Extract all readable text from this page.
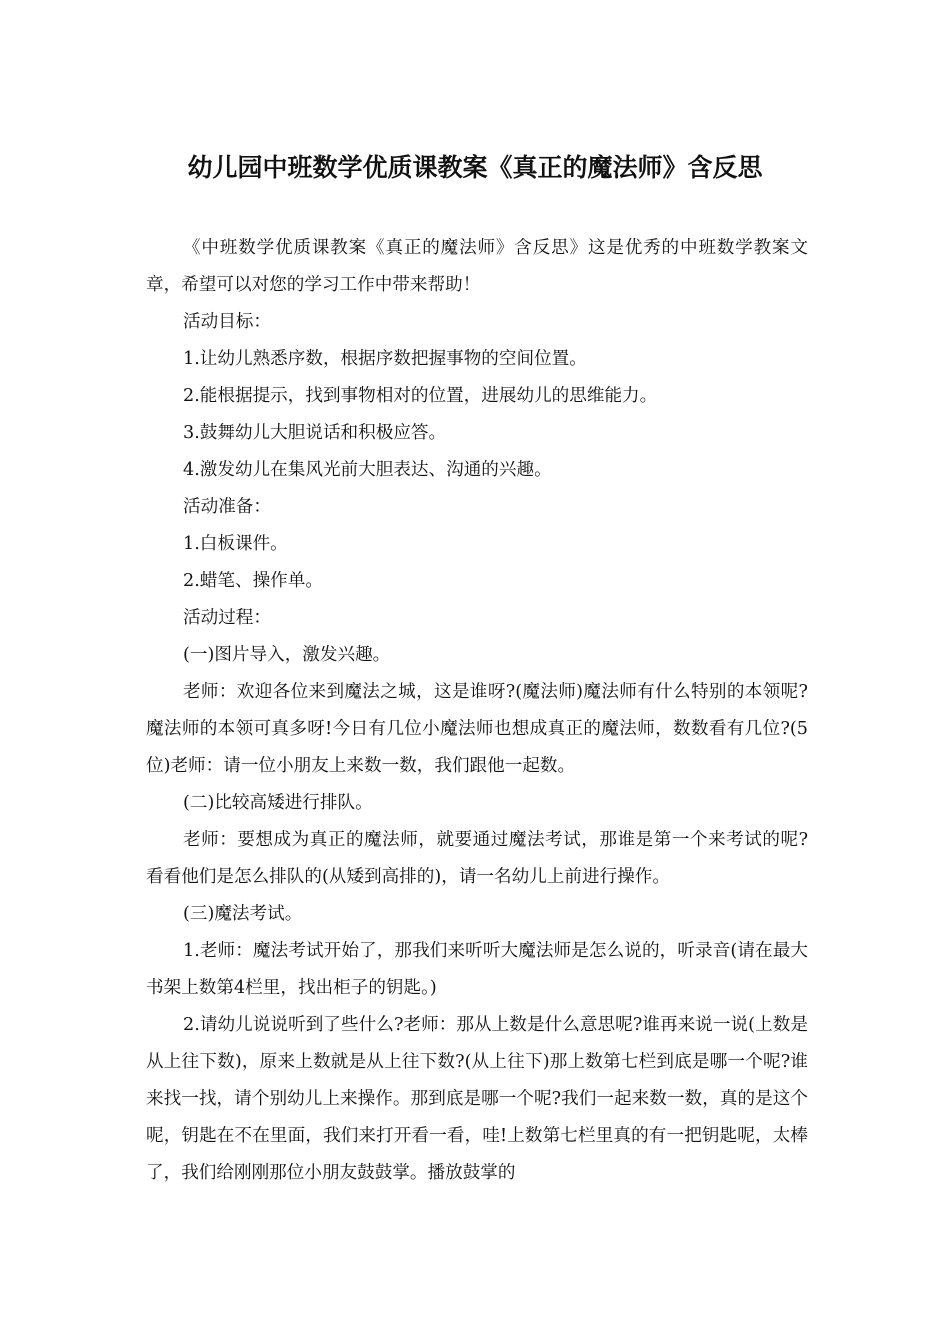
幼儿园中班数学优质课教案《真正的魔法师》含反思

《中班数学优质课教案《真正的魔法师》含反思》这是优秀的中班数学教案文章，希望可以对您的学习工作中带来帮助！

活动目标：

1.让幼儿熟悉序数，根据序数把握事物的空间位置。

2.能根据提示，找到事物相对的位置，进展幼儿的思维能力。

3.鼓舞幼儿大胆说话和积极应答。

4.激发幼儿在集风光前大胆表达、沟通的兴趣。

活动准备：

1.白板课件。

2.蜡笔、操作单。

活动过程：

(一)图片导入，激发兴趣。

老师：欢迎各位来到魔法之城，这是谁呀?(魔法师)魔法师有什么特别的本领呢?魔法师的本领可真多呀!今日有几位小魔法师也想成真正的魔法师，数数看有几位?(5位)老师：请一位小朋友上来数一数，我们跟他一起数。

(二)比较高矮进行排队。

老师：要想成为真正的魔法师，就要通过魔法考试，那谁是第一个来考试的呢?看看他们是怎么排队的(从矮到高排的)，请一名幼儿上前进行操作。

(三)魔法考试。

1.老师：魔法考试开始了，那我们来听听大魔法师是怎么说的，听录音(请在最大书架上数第4栏里，找出柜子的钥匙。)

2.请幼儿说说听到了些什么?老师：那从上数是什么意思呢?谁再来说一说(上数是从上往下数)，原来上数就是从上往下数?(从上往下)那上数第七栏到底是哪一个呢?谁来找一找，请个别幼儿上来操作。那到底是哪一个呢?我们一起来数一数，真的是这个呢，钥匙在不在里面，我们来打开看一看，哇!上数第七栏里真的有一把钥匙呢，太棒了，我们给刚刚那位小朋友鼓鼓掌。播放鼓掌的
